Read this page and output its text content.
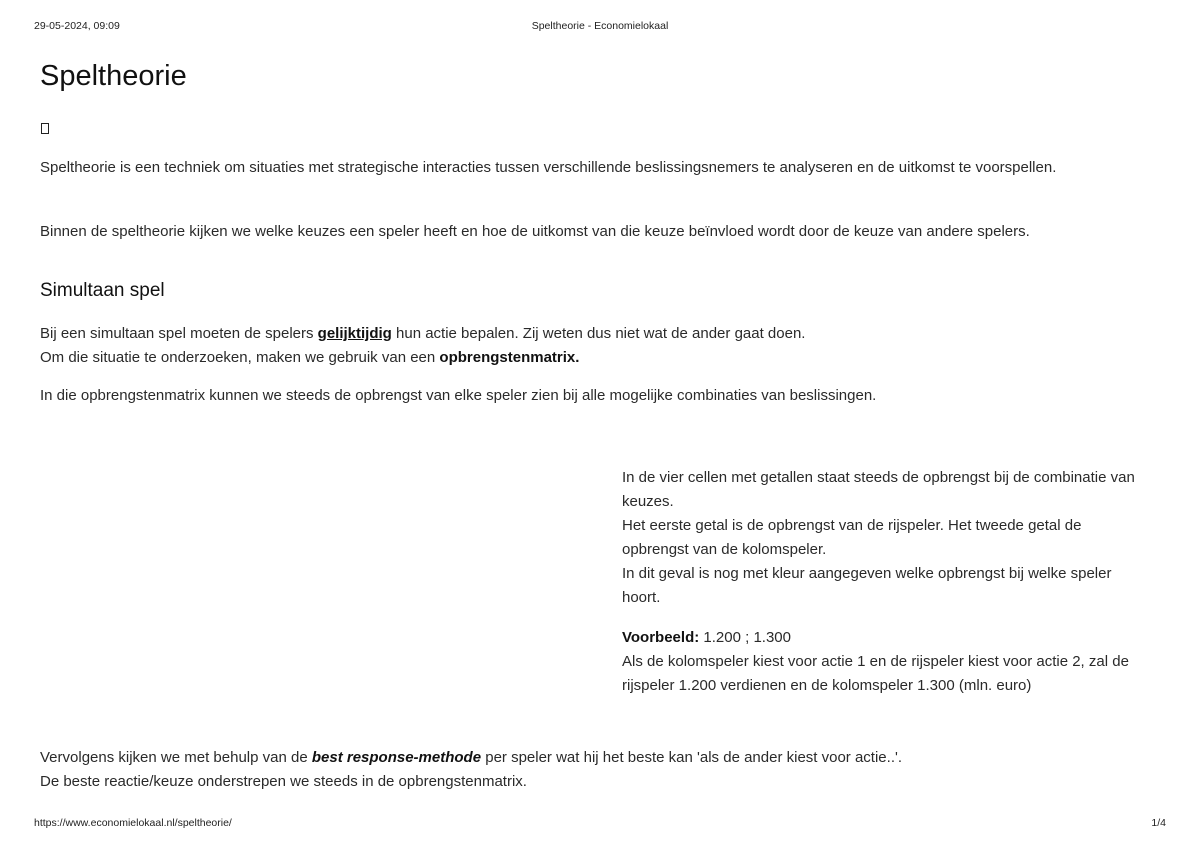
29-05-2024, 09:09	Speltheorie - Economielokaal
Speltheorie

Speltheorie is een techniek om situaties met strategische interacties tussen verschillende beslissingsnemers te analyseren en de uitkomst te voorspellen.

Binnen de speltheorie kijken we welke keuzes een speler heeft en hoe de uitkomst van die keuze beïnvloed wordt door de keuze van andere spelers.

Simultaan spel

Bij een simultaan spel moeten de spelers gelijktijdig hun actie bepalen. Zij weten dus niet wat de ander gaat doen.
Om die situatie te onderzoeken, maken we gebruik van een opbrengstenmatrix.

In die opbrengstenmatrix kunnen we steeds de opbrengst van elke speler zien bij alle mogelijke combinaties van beslissingen.

In de vier cellen met getallen staat steeds de opbrengst bij de combinatie van keuzes.
Het eerste getal is de opbrengst van de rijspeler. Het tweede getal de opbrengst van de kolomspeler.
In dit geval is nog met kleur aangegeven welke opbrengst bij welke speler hoort.

Voorbeeld: 1.200 ; 1.300
Als de kolomspeler kiest voor actie 1 en de rijspeler kiest voor actie 2, zal de rijspeler 1.200 verdienen en de kolomspeler 1.300 (mln. euro)

Vervolgens kijken we met behulp van de best response-methode per speler wat hij het beste kan 'als de ander kiest voor actie..'.
De beste reactie/keuze onderstrepen we steeds in de opbrengstenmatrix.

https://www.economielokaal.nl/speltheorie/	1/4
